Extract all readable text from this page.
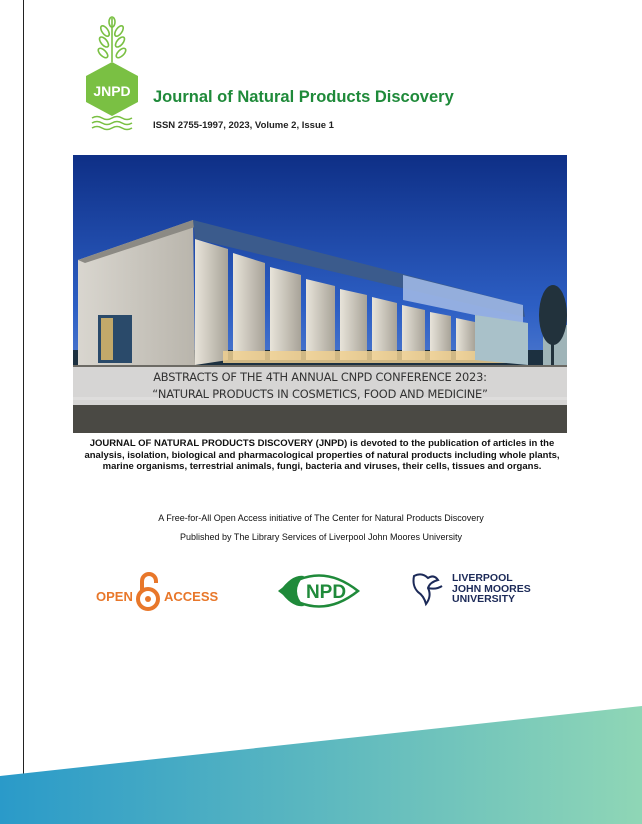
JNPD Journal of Natural Products Discovery
ISSN 2755-1997, 2023, Volume 2, Issue 1
ABSTRACTS OF THE 4TH ANNUAL CNPD CONFERENCE 2023:
“NATURAL PRODUCTS IN COSMETICS, FOOD AND MEDICINE”
JOURNAL OF NATURAL PRODUCTS DISCOVERY (JNPD) is devoted to the publication of articles in the analysis, isolation, biological and pharmacological properties of natural products including whole plants, marine organisms, terrestrial animals, fungi, bacteria and viruses, their cells, tissues and organs.
A Free-for-All Open Access initiative of The Center for Natural Products Discovery
Published by The Library Services of Liverpool John Moores University
OPEN ACCESS	NPD
LIVERPOOL
JOHN MOORES
UNIVERSITY
